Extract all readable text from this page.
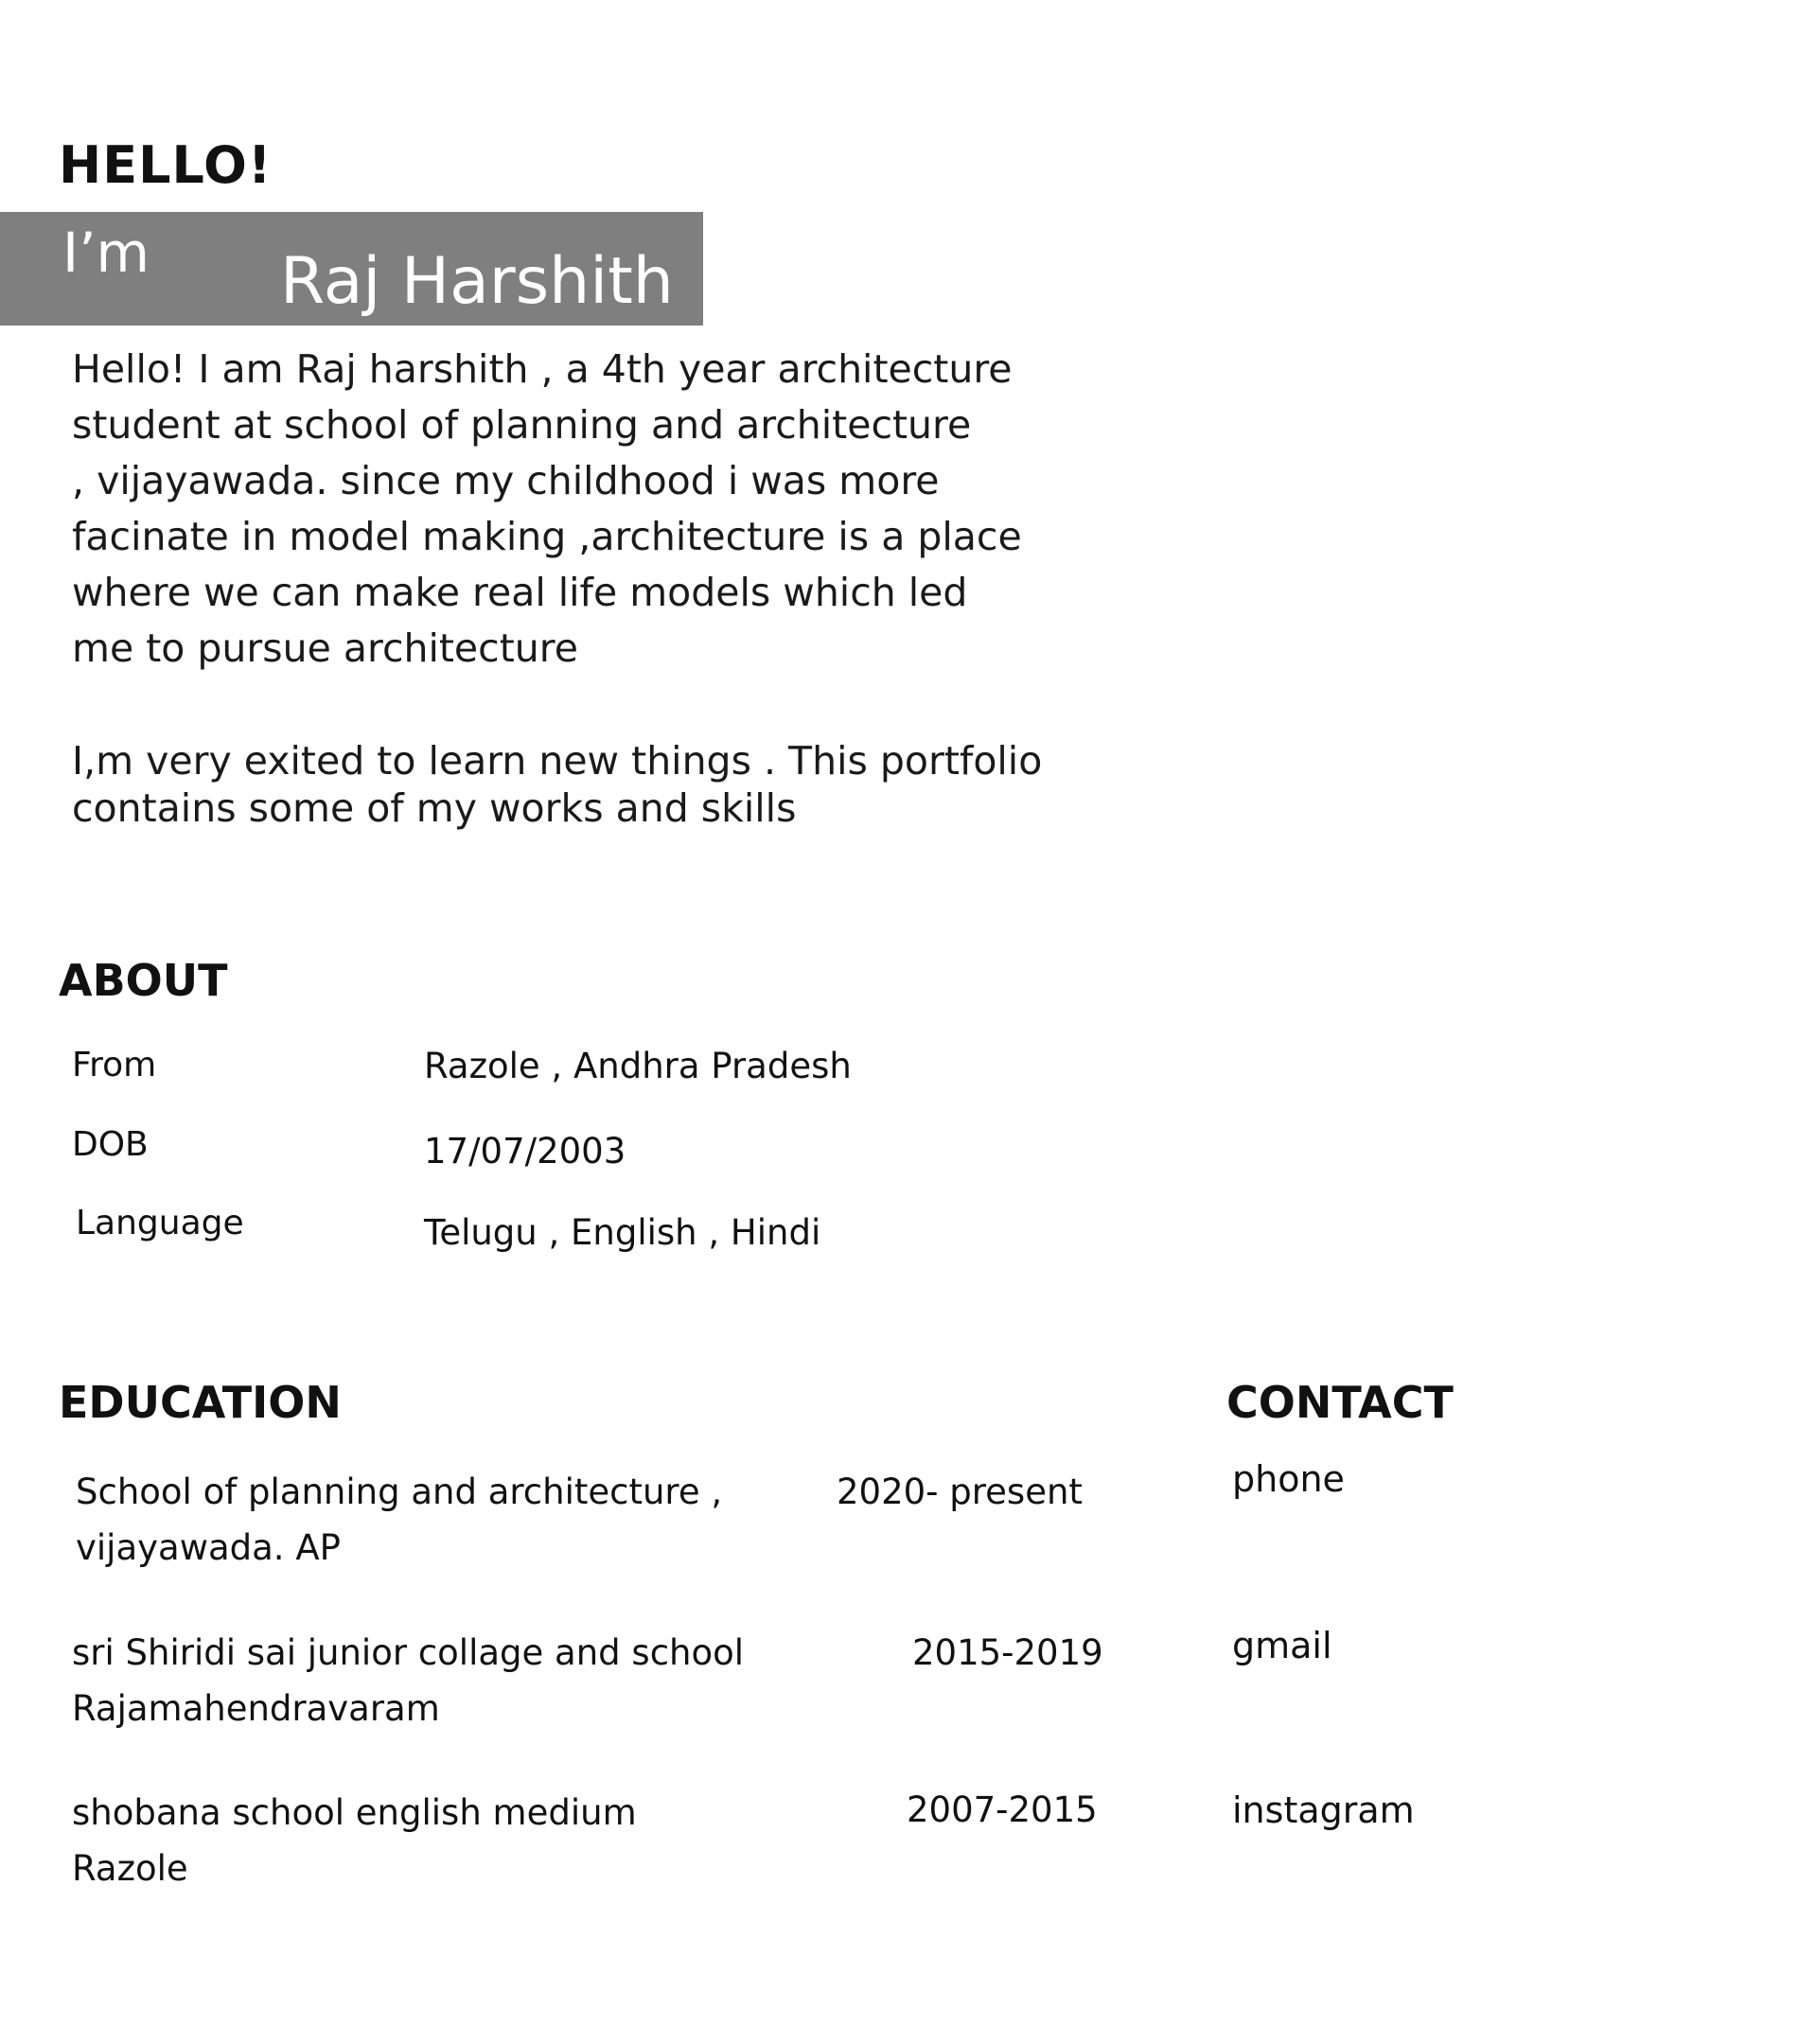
HELLO!
I’m Raj Harshith
Hello! I am Raj harshith , a 4th year architecture
student at school of planning and architecture
, vijayawada. since my childhood i was more
facinate in model making ,architecture is a place
where we can make real life models which led
me to pursue architecture
I,m very exited to learn new things . This portfolio
contains some of my works and skills
ABOUT
From	Razole , Andhra Pradesh
DOB	17/07/2003
Language	Telugu , English , Hindi
EDUCATION
School of planning and architecture ,
vijayawada. AP
2020- present
sri Shiridi sai junior collage and school
Rajamahendravaram
2015-2019
shobana school english medium
Razole
2007-2015
CONTACT
phone
gmail
instagram
